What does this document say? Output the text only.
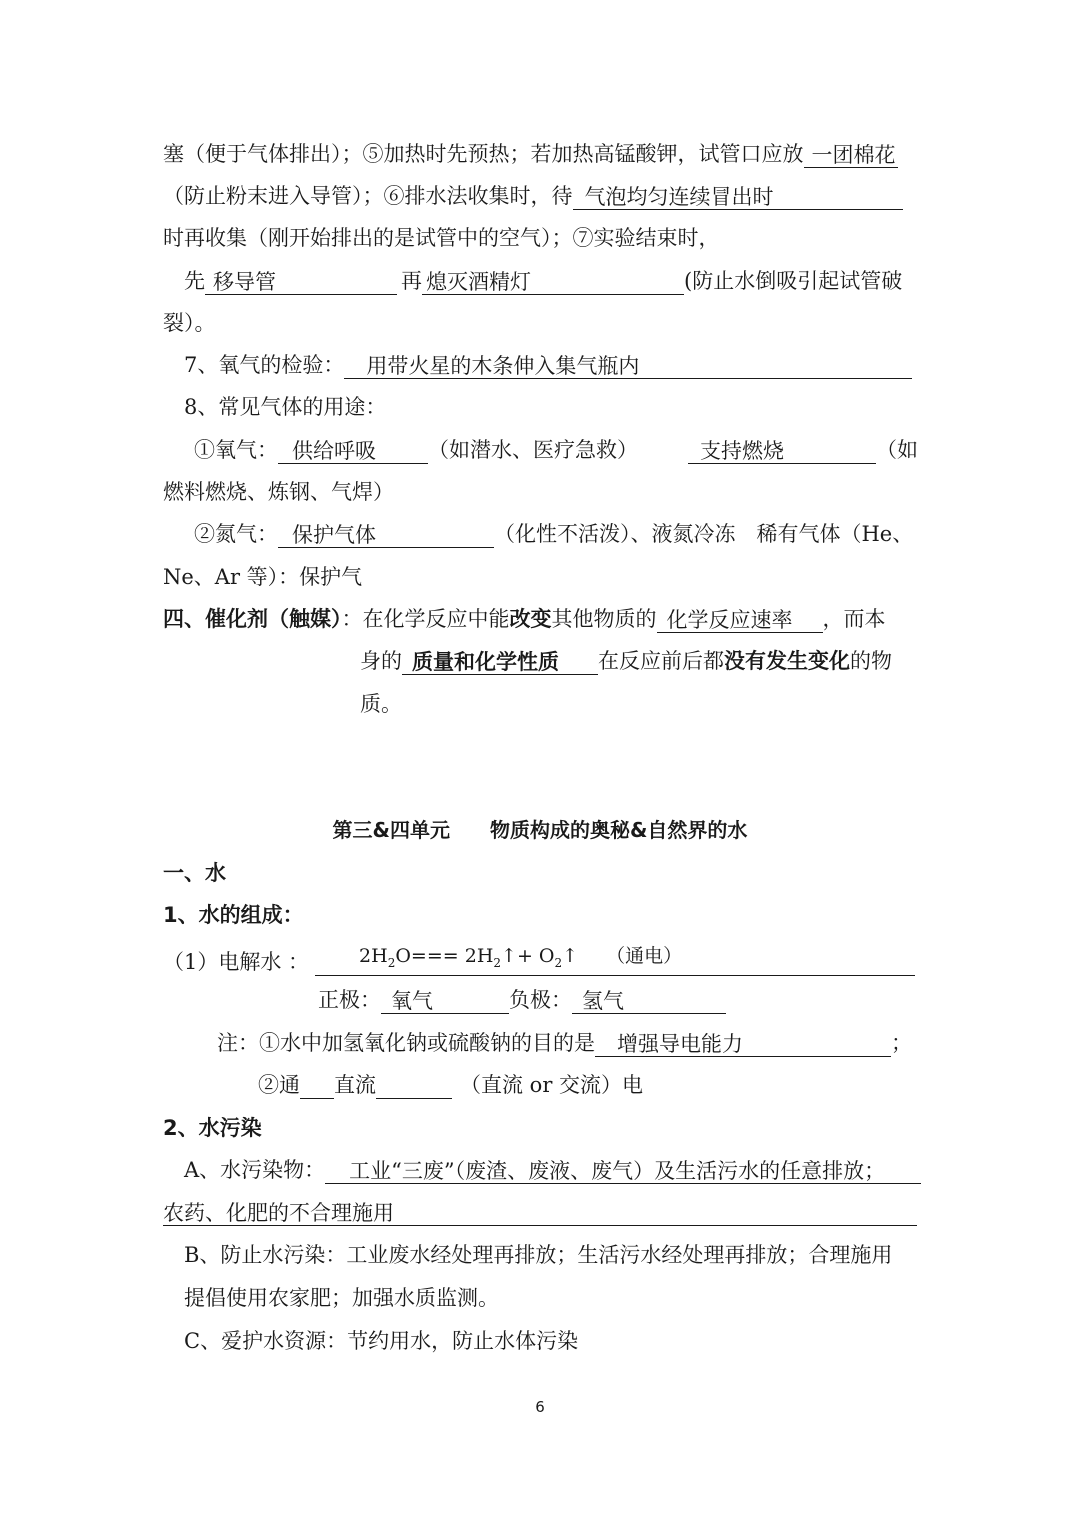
塞（便于气体排出）；⑤加热时先预热；若加热高锰酸钾，试管口应放 一团棉花
（防止粉末进入导管）；⑥排水法收集时，待 气泡均匀连续冒出时
时再收集（刚开始排出的是试管中的空气）；⑦实验结束时，
先 移导管	再 熄灭酒精灯	(防止水倒吸引起试管破
裂）。
7、氧气的检验： 用带火星的木条伸入集气瓶内
8、常见气体的用途：
①氧气： 供给呼吸 （如潜水、医疗急救）	支持燃烧	（如
燃料燃烧、炼钢、气焊）
②氮气： 保护气体	（化性不活泼）、液氮冷冻　稀有气体（He、
Ne、Ar 等）：保护气
四、催化剂（触媒）：在化学反应中能改变其他物质的 化学反应速率 ，而本
身的 质量和化学性质 在反应前后都没有发生变化的物
质。
第三&四单元　　物质构成的奥秘&自然界的水
一、水
1、水的组成：
（1）电解水 ：	$2H_2O===$ $2H_2↑+$ $O_2↑$ （通电）
正极： 氧气	负极： 氢气
注：①水中加氢氧化钠或硫酸钠的目的是 增强导电能力	；
②通 直流	（直流 or 交流）电
2、水污染
A、水污染物： 工业“三废”（废渣、废液、废气）及生活污水的任意排放；
农药、化肥的不合理施用
B、防止水污染：工业废水经处理再排放；生活污水经处理再排放；合理施用
提倡使用农家肥；加强水质监测。
C、爱护水资源：节约用水，防止水体污染
6
